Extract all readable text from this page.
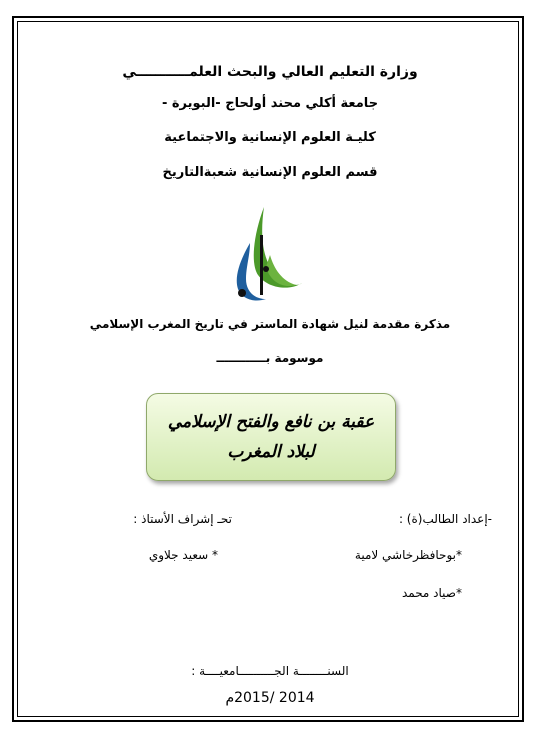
وزارة التعليم العالي والبحث العلمـــــــــــي
جامعة أكلي محند أولحاج -البويرة -
كليـة العلوم الإنسانية والاجتماعية
قسم العلوم الإنسانية شعبةالتاريخ
مذكرة مقدمة لنيل شهادة الماستر في تاريخ المغرب الإسلامي
موسومة بــــــــــــ
عقبة بن نافع والفتح الإسلامي
لبلاد المغرب
-إعداد الطالب(ة) :
تحـ إشراف الأستاذ :
*بوحافظرخاشي لامية
* سعيد جلاوي
*صياد محمد
السنــــــــة الجــــــــــامعيــــة :
2014 /2015م
